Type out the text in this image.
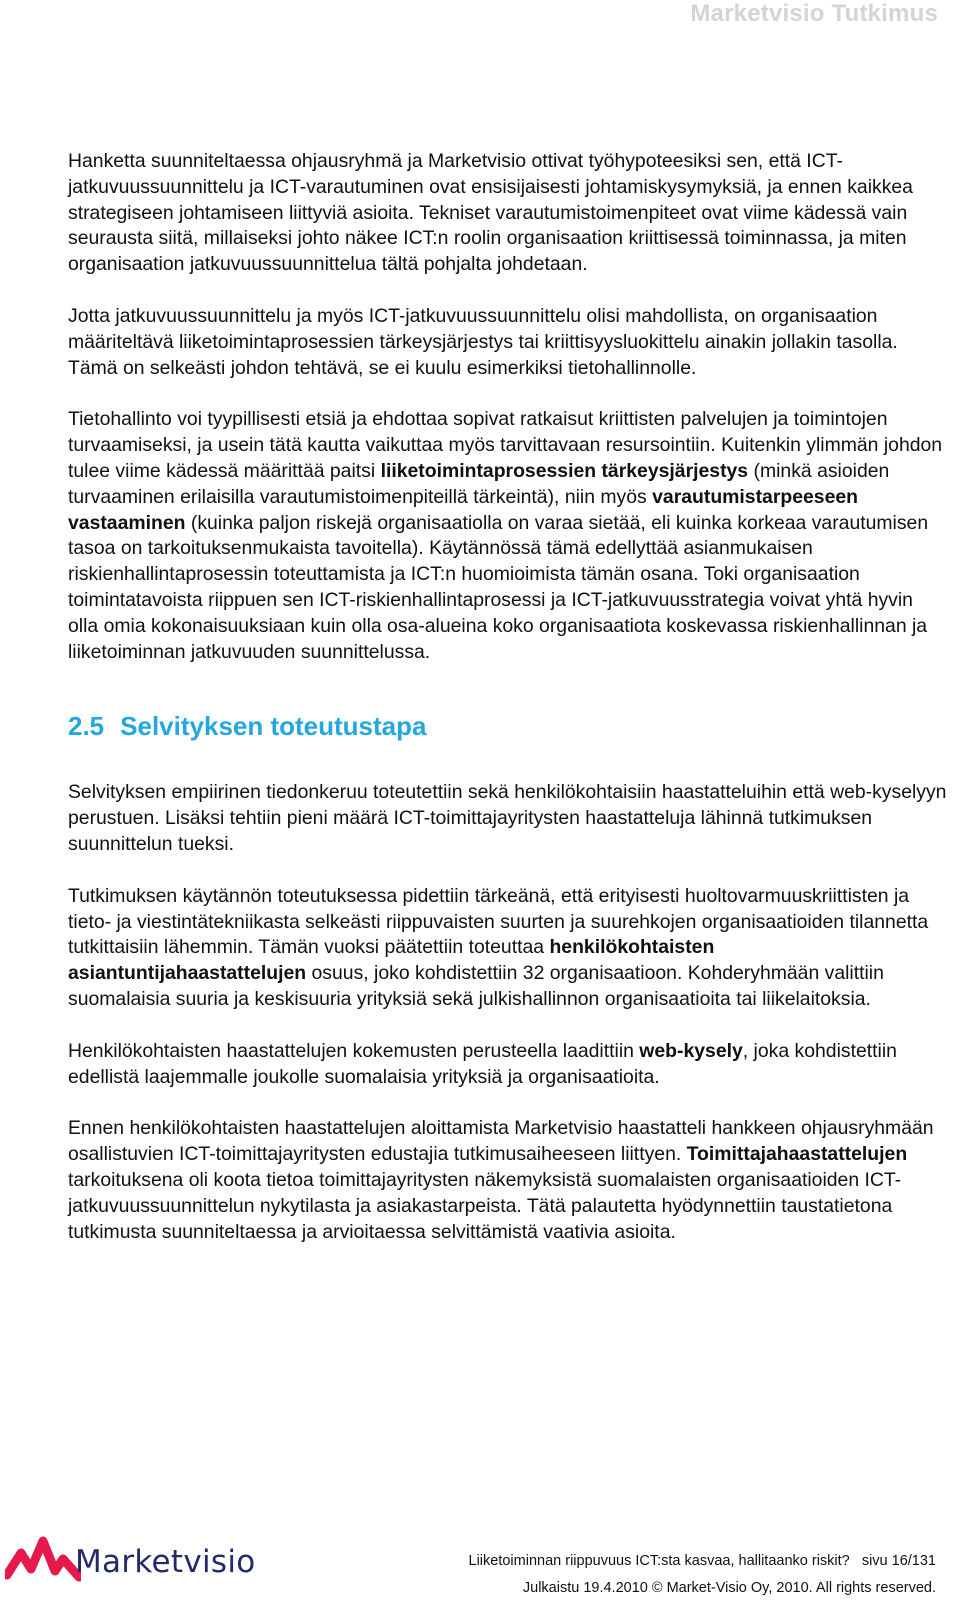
Marketvisio Tutkimus

Hanketta suunniteltaessa ohjausryhmä ja Marketvisio ottivat työhypoteesiksi sen, että ICT-jatkuvuussuunnittelu ja ICT-varautuminen ovat ensisijaisesti johtamiskysymyksiä, ja ennen kaikkea strategiseen johtamiseen liittyviä asioita. Tekniset varautumistoimenpiteet ovat viime kädessä vain seurausta siitä, millaiseksi johto näkee ICT:n roolin organisaation kriittisessä toiminnassa, ja miten organisaation jatkuvuussuunnittelua tältä pohjalta johdetaan.

Jotta jatkuvuussuunnittelu ja myös ICT-jatkuvuussuunnittelu olisi mahdollista, on organisaation määriteltävä liiketoimintaprosessien tärkeysjärjestys tai kriittisyysluokittelu ainakin jollakin tasolla. Tämä on selkeästi johdon tehtävä, se ei kuulu esimerkiksi tietohallinnolle.

Tietohallinto voi tyypillisesti etsiä ja ehdottaa sopivat ratkaisut kriittisten palvelujen ja toimintojen turvaamiseksi, ja usein tätä kautta vaikuttaa myös tarvittavaan resursointiin. Kuitenkin ylimmän johdon tulee viime kädessä määrittää paitsi liiketoimintaprosessien tärkeysjärjestys (minkä asioiden turvaaminen erilaisilla varautumistoimenpiteillä tärkeintä), niin myös varautumistarpeeseen vastaaminen (kuinka paljon riskejä organisaatiolla on varaa sietää, eli kuinka korkeaa varautumisen tasoa on tarkoituksenmukaista tavoitella). Käytännössä tämä edellyttää asianmukaisen riskienhallintaprosessin toteuttamista ja ICT:n huomioimista tämän osana. Toki organisaation toimintatavoista riippuen sen ICT-riskienhallintaprosessi ja ICT-jatkuvuusstrategia voivat yhtä hyvin olla omia kokonaisuuksiaan kuin olla osa-alueina koko organisaatiota koskevassa riskienhallinnan ja liiketoiminnan jatkuvuuden suunnittelussa.

2.5 Selvityksen toteutustapa

Selvityksen empiirinen tiedonkeruu toteutettiin sekä henkilökohtaisiin haastatteluihin että web-kyselyyn perustuen. Lisäksi tehtiin pieni määrä ICT-toimittajayritysten haastatteluja lähinnä tutkimuksen suunnittelun tueksi.

Tutkimuksen käytännön toteutuksessa pidettiin tärkeänä, että erityisesti huoltovarmuuskriittisten ja tieto- ja viestintätekniikasta selkeästi riippuvaisten suurten ja suurehkojen organisaatioiden tilannetta tutkittaisiin lähemmin. Tämän vuoksi päätettiin toteuttaa henkilökohtaisten asiantuntijahaastattelujen osuus, joko kohdistettiin 32 organisaatioon. Kohderyhmään valittiin suomalaisia suuria ja keskisuuria yrityksiä sekä julkishallinnon organisaatioita tai liikelaitoksia.

Henkilökohtaisten haastattelujen kokemusten perusteella laadittiin web-kysely, joka kohdistettiin edellistä laajemmalle joukolle suomalaisia yrityksiä ja organisaatioita.

Ennen henkilökohtaisten haastattelujen aloittamista Marketvisio haastatteli hankkeen ohjausryhmään osallistuvien ICT-toimittajayritysten edustajia tutkimusaiheeseen liittyen. Toimittajahaastattelujen tarkoituksena oli koota tietoa toimittajayritysten näkemyksistä suomalaisten organisaatioiden ICT-jatkuvuussuunnittelun nykytilasta ja asiakastarpeista. Tätä palautetta hyödynnettiin taustatietona tutkimusta suunniteltaessa ja arvioitaessa selvittämistä vaativia asioita.

Marketvisio	Liiketoiminnan riippuvuus ICT:sta kasvaa, hallitaanko riskit? sivu 16/131
Julkaistu 19.4.2010 © Market-Visio Oy, 2010. All rights reserved.
